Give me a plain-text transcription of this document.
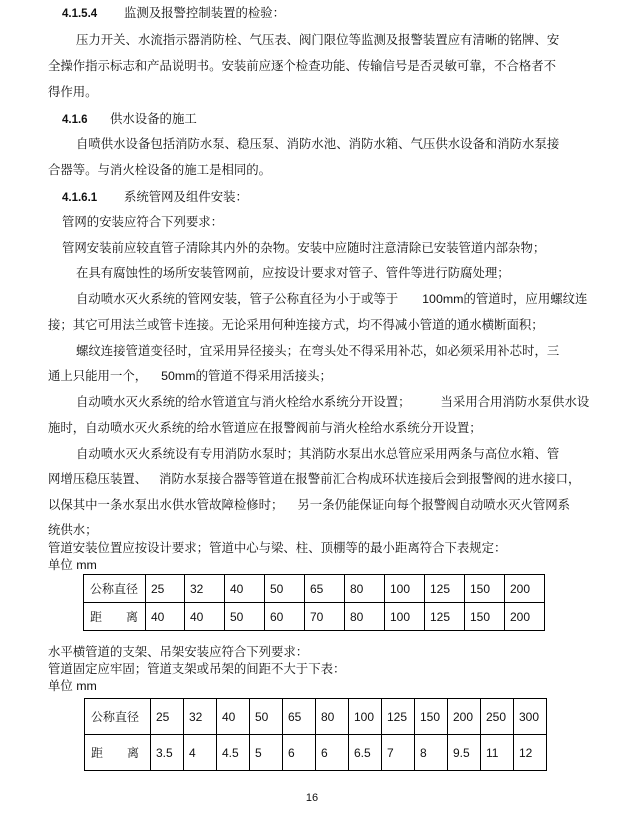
4.1.5.4 监测及报警控制装置的检验：
压力开关、水流指示器消防栓、气压表、阀门限位等监测及报警装置应有清晰的铭牌、安
全操作指示标志和产品说明书。安装前应逐个检查功能、传输信号是否灵敏可靠，不合格者不
得作用。
4.1.6 供水设备的施工
自喷供水设备包括消防水泵、稳压泵、消防水池、消防水箱、气压供水设备和消防水泵接
合器等。与消火栓设备的施工是相同的。
4.1.6.1 系统管网及组件安装：
管网的安装应符合下列要求：
管网安装前应较直管子清除其内外的杂物。安装中应随时注意清除已安装管道内部杂物；
在具有腐蚀性的场所安装管网前，应按设计要求对管子、管件等进行防腐处理；
自动喷水灭火系统的管网安装，管子公称直径为小于或等于 100mm的管道时，应用螺纹连
接；其它可用法兰或管卡连接。无论采用何种连接方式，均不得减小管道的通水横断面积；
螺纹连接管道变径时，宜采用异径接头；在弯头处不得采用补芯，如必须采用补芯时，三
通上只能用一个， 50mm的管道不得采用活接头；
自动喷水灭火系统的给水管道宜与消火栓给水系统分开设置； 当采用合用消防水泵供水设
施时，自动喷水灭火系统的给水管道应在报警阀前与消火栓给水系统分开设置；
自动喷水灭火系统设有专用消防水泵时；其消防水泵出水总管应采用两条与高位水箱、管
网增压稳压装置、 消防水泵接合器等管道在报警前汇合构成环状连接后会到报警阀的进水接口，
以保其中一条水泵出水供水管故障检修时； 另一条仍能保证向每个报警阀自动喷水灭火管网系
统供水；
管道安装位置应按设计要求；管道中心与梁、柱、顶棚等的最小距离符合下表规定：
单位 mm
公称直径	25	32	40	50	65	80	100	125	150	200
距　　离	40	40	50	60	70	80	100	125	150	200
水平横管道的支架、吊架安装应符合下列要求：
管道固定应牢固；管道支架或吊架的间距不大于下表：
单位 mm
公称直径	25	32	40	50	65	80	100	125	150	200	250	300
距　　离	3.5	4	4.5	5	6	6	6.5	7	8	9.5	11	12
16
